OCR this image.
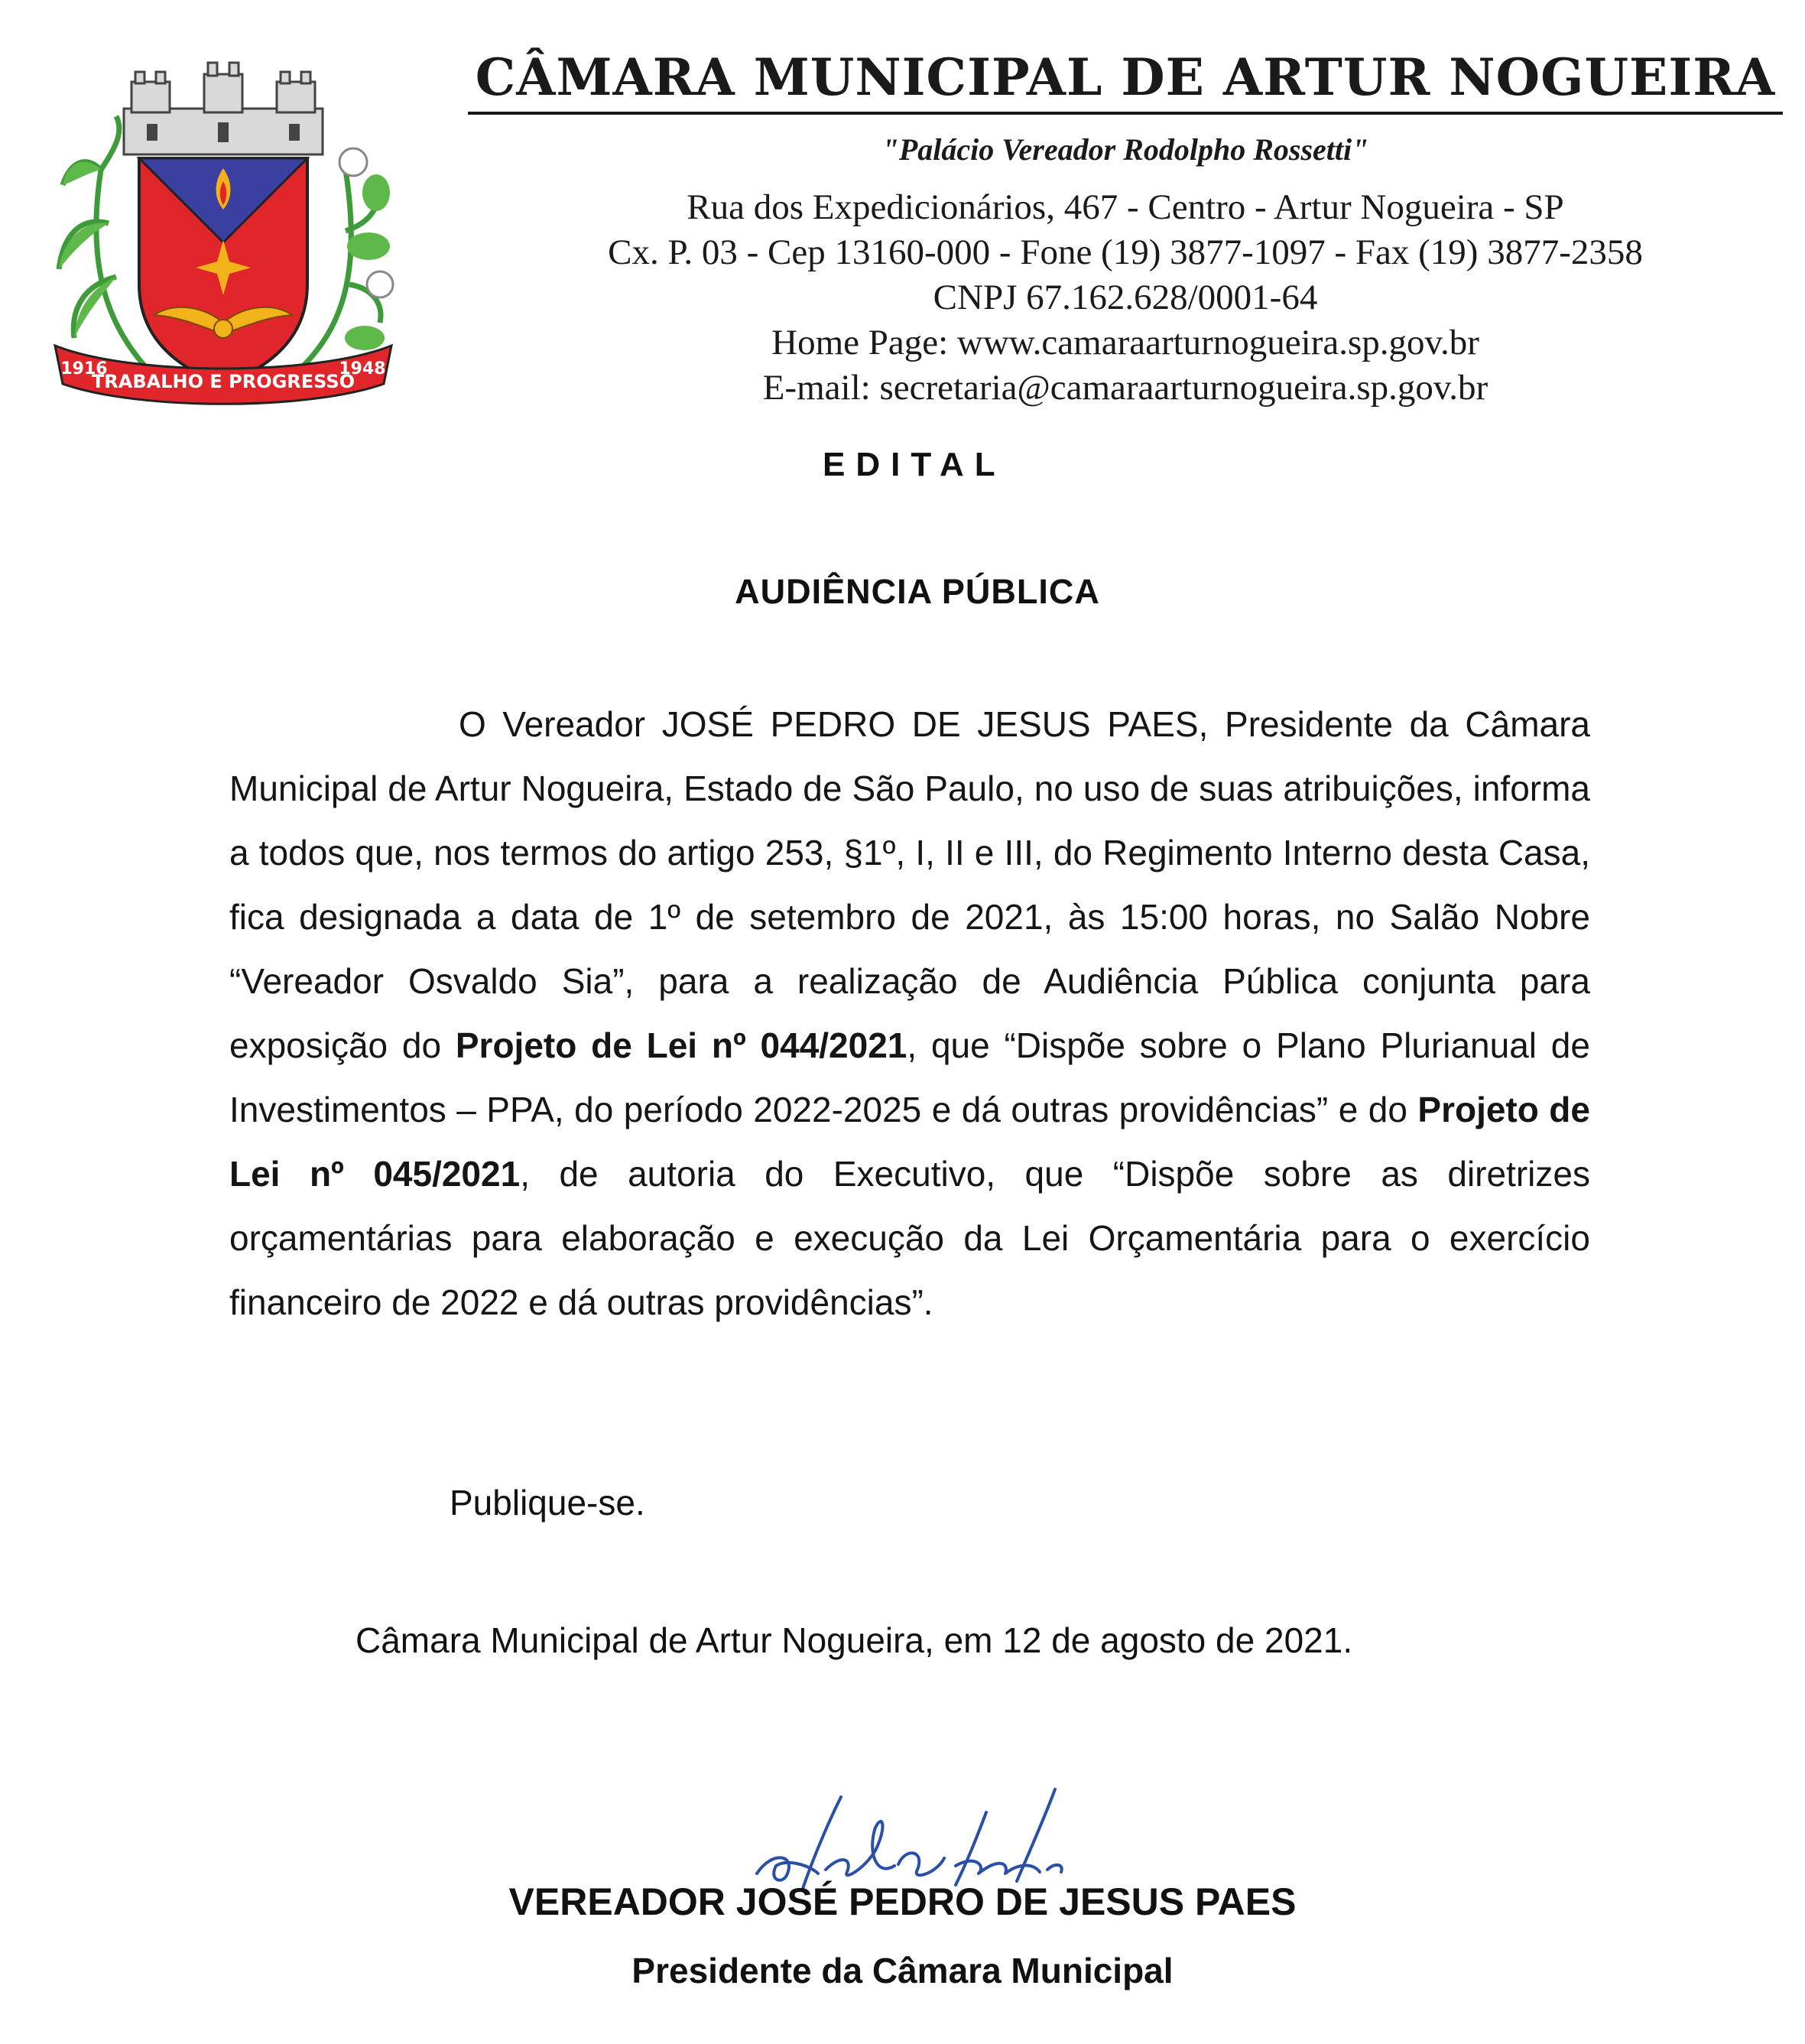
TRABALHO E PROGRESSO
1916	1948
CÂMARA MUNICIPAL DE ARTUR NOGUEIRA
"Palácio Vereador Rodolpho Rossetti"
Rua dos Expedicionários, 467 - Centro - Artur Nogueira - SP
Cx. P. 03 - Cep 13160-000 - Fone (19) 3877-1097 - Fax (19) 3877-2358
CNPJ 67.162.628/0001-64
Home Page: www.camaraarturnogueira.sp.gov.br
E-mail: secretaria@camaraarturnogueira.sp.gov.br
EDITAL
AUDIÊNCIA PÚBLICA
O Vereador JOSÉ PEDRO DE JESUS PAES, Presidente da Câmara Municipal de Artur Nogueira, Estado de São Paulo, no uso de suas atribuições, informa a todos que, nos termos do artigo 253, §1º, I, II e III, do Regimento Interno desta Casa, fica designada a data de 1º de setembro de 2021, às 15:00 horas, no Salão Nobre “Vereador Osvaldo Sia”, para a realização de Audiência Pública conjunta para exposição do Projeto de Lei nº 044/2021, que “Dispõe sobre o Plano Plurianual de Investimentos – PPA, do período 2022-2025 e dá outras providências” e do Projeto de Lei nº 045/2021, de autoria do Executivo, que “Dispõe sobre as diretrizes orçamentárias para elaboração e execução da Lei Orçamentária para o exercício financeiro de 2022 e dá outras providências”.
Publique-se.
Câmara Municipal de Artur Nogueira, em 12 de agosto de 2021.
VEREADOR JOSÉ PEDRO DE JESUS PAES
Presidente da Câmara Municipal
